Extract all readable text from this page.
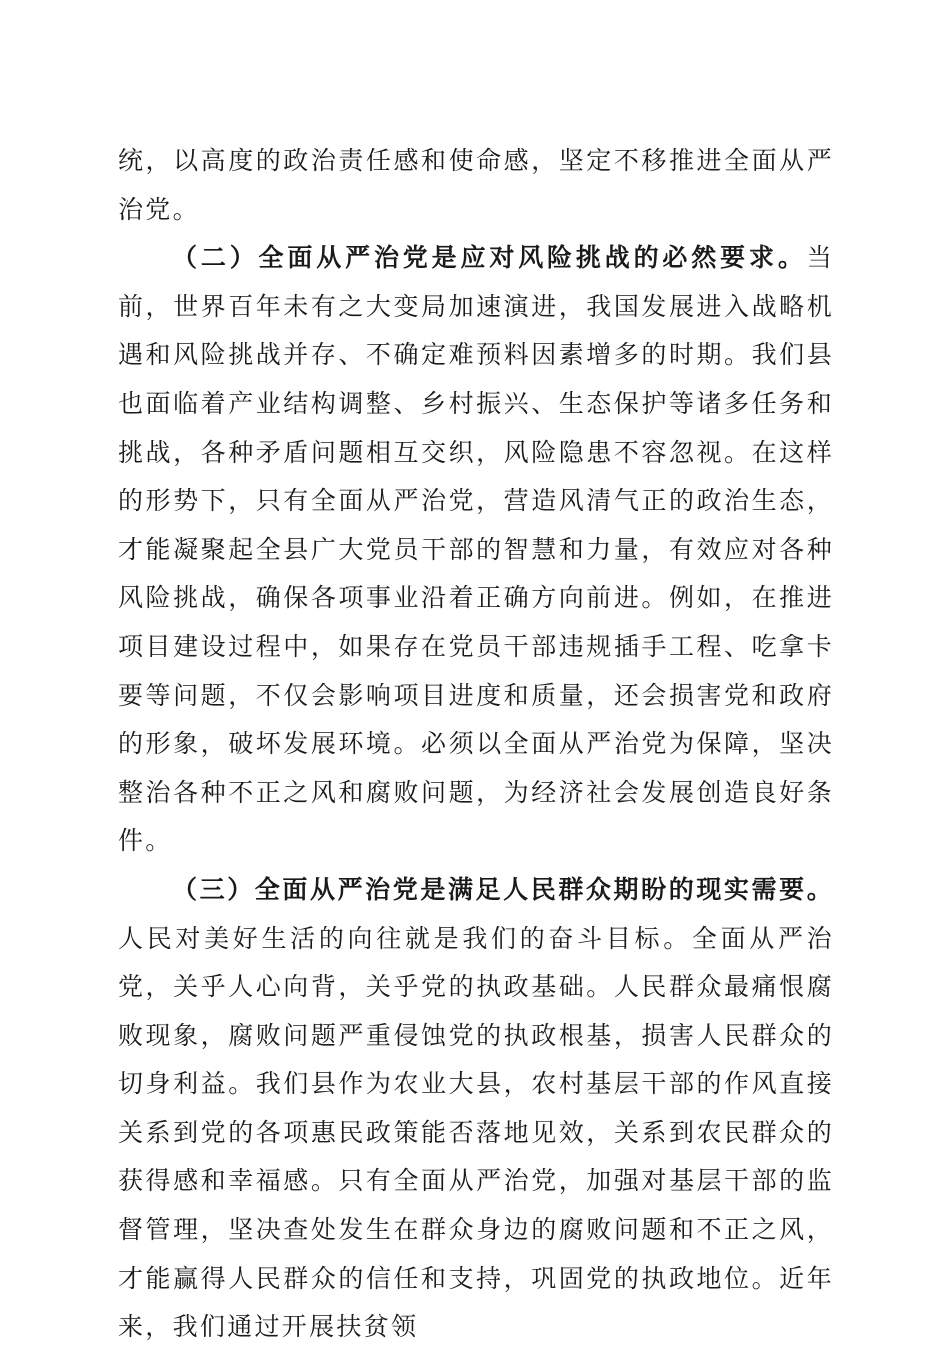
统，以高度的政治责任感和使命感，坚定不移推进全面从严治党。

（二）全面从严治党是应对风险挑战的必然要求。当前，世界百年未有之大变局加速演进，我国发展进入战略机遇和风险挑战并存、不确定难预料因素增多的时期。我们县也面临着产业结构调整、乡村振兴、生态保护等诸多任务和挑战，各种矛盾问题相互交织，风险隐患不容忽视。在这样的形势下，只有全面从严治党，营造风清气正的政治生态，才能凝聚起全县广大党员干部的智慧和力量，有效应对各种风险挑战，确保各项事业沿着正确方向前进。例如，在推进项目建设过程中，如果存在党员干部违规插手工程、吃拿卡要等问题，不仅会影响项目进度和质量，还会损害党和政府的形象，破坏发展环境。必须以全面从严治党为保障，坚决整治各种不正之风和腐败问题，为经济社会发展创造良好条件。

（三）全面从严治党是满足人民群众期盼的现实需要。人民对美好生活的向往就是我们的奋斗目标。全面从严治党，关乎人心向背，关乎党的执政基础。人民群众最痛恨腐败现象，腐败问题严重侵蚀党的执政根基，损害人民群众的切身利益。我们县作为农业大县，农村基层干部的作风直接关系到党的各项惠民政策能否落地见效，关系到农民群众的获得感和幸福感。只有全面从严治党，加强对基层干部的监督管理，坚决查处发生在群众身边的腐败问题和不正之风，才能赢得人民群众的信任和支持，巩固党的执政地位。近年来，我们通过开展扶贫领
